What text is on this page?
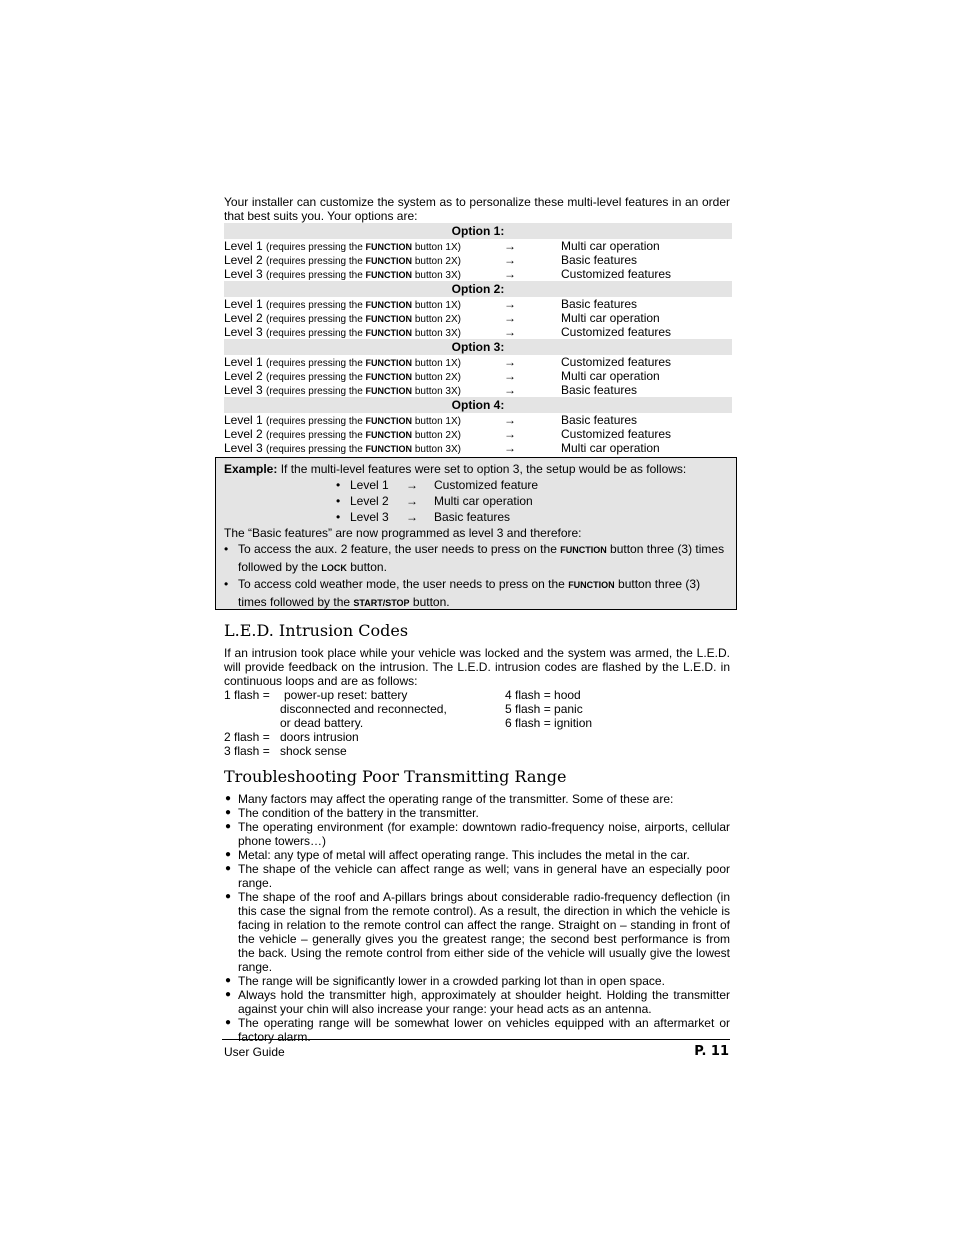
Your installer can customize the system as to personalize these multi-level features in an order that best suits you. Your options are:

Option 1:
Level 1 (requires pressing the FUNCTION button 1X)	→	Multi car operation
Level 2 (requires pressing the FUNCTION button 2X)	→	Basic features
Level 3 (requires pressing the FUNCTION button 3X)	→	Customized features
Option 2:
Level 1 (requires pressing the FUNCTION button 1X)	→	Basic features
Level 2 (requires pressing the FUNCTION button 2X)	→	Multi car operation
Level 3 (requires pressing the FUNCTION button 3X)	→	Customized features
Option 3:
Level 1 (requires pressing the FUNCTION button 1X)	→	Customized features
Level 2 (requires pressing the FUNCTION button 2X)	→	Multi car operation
Level 3 (requires pressing the FUNCTION button 3X)	→	Basic features
Option 4:
Level 1 (requires pressing the FUNCTION button 1X)	→	Basic features
Level 2 (requires pressing the FUNCTION button 2X)	→	Customized features
Level 3 (requires pressing the FUNCTION button 3X)	→	Multi car operation

Example: If the multi-level features were set to option 3, the setup would be as follows:

• Level 1 → Customized feature
• Level 2 → Multi car operation
• Level 3 → Basic features

The “Basic features” are now programmed as level 3 and therefore:

• To access the aux. 2 feature, the user needs to press on the FUNCTION button three (3) times followed by the LOCK button.
• To access cold weather mode, the user needs to press on the FUNCTION button three (3) times followed by the START/STOP button.
L.E.D. Intrusion Codes

If an intrusion took place while your vehicle was locked and the system was armed, the L.E.D. will provide feedback on the intrusion. The L.E.D. intrusion codes are flashed by the L.E.D. in continuous loops and are as follows:

1 flash = power-up reset: battery
disconnected and reconnected,
or dead battery.
2 flash = doors intrusion
3 flash = shock sense
4 flash = hood
5 flash = panic
6 flash = ignition
Troubleshooting Poor Transmitting Range
● Many factors may affect the operating range of the transmitter. Some of these are:
● The condition of the battery in the transmitter.
● The operating environment (for example: downtown radio-frequency noise, airports, cellular phone towers…)
● Metal: any type of metal will affect operating range. This includes the metal in the car.
● The shape of the vehicle can affect range as well; vans in general have an especially poor range.
● The shape of the roof and A-pillars brings about considerable radio-frequency deflection (in this case the signal from the remote control). As a result, the direction in which the vehicle is facing in relation to the remote control can affect the range. Straight on – standing in front of the vehicle – generally gives you the greatest range; the second best performance is from the back. Using the remote control from either side of the vehicle will usually give the lowest range.
● The range will be significantly lower in a crowded parking lot than in open space.
● Always hold the transmitter high, approximately at shoulder height. Holding the transmitter against your chin will also increase your range: your head acts as an antenna.
● The operating range will be somewhat lower on vehicles equipped with an aftermarket or factory alarm.
User Guide	P. 11
